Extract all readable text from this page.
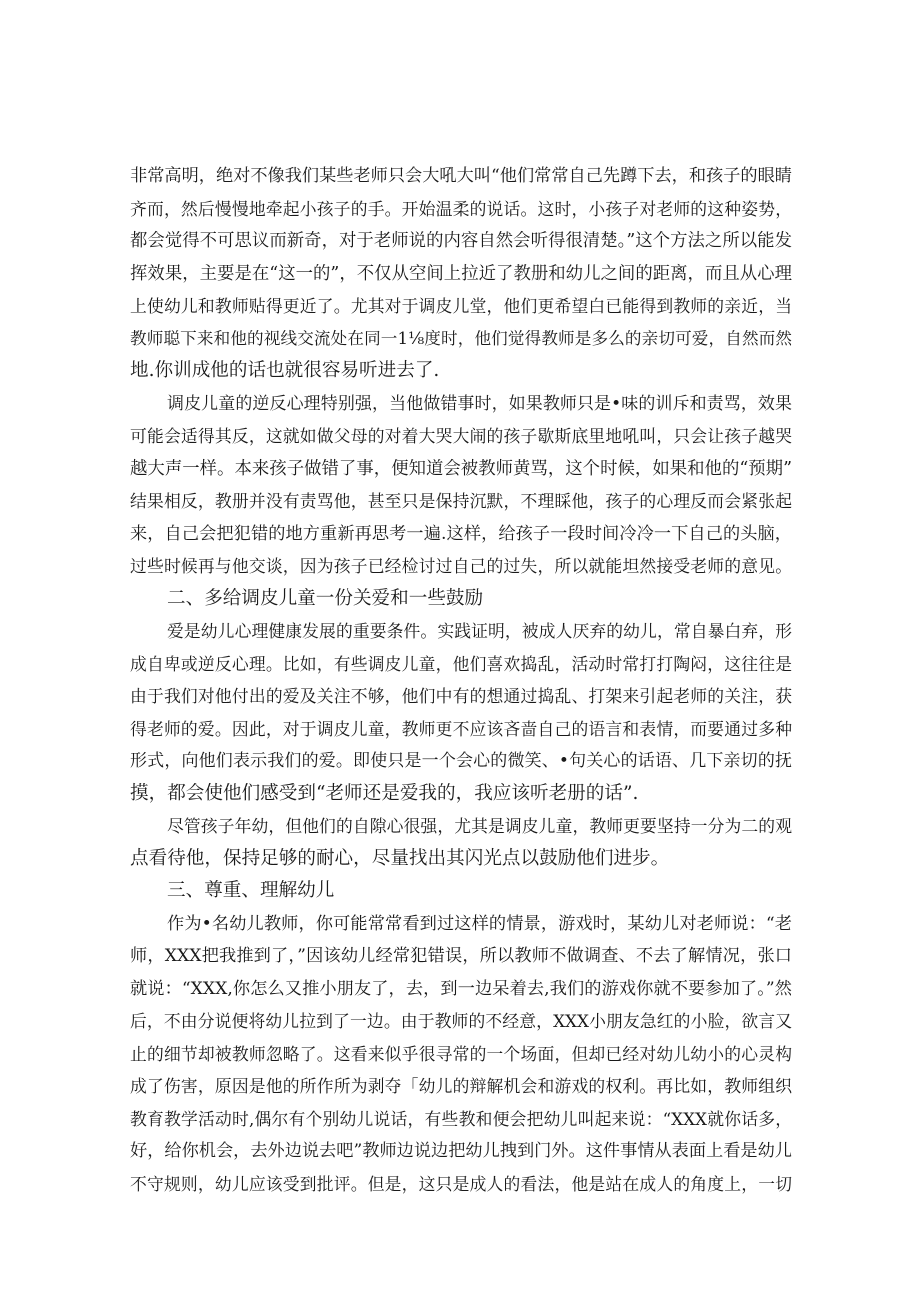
非常高明，绝对不像我们某些老师只会大吼大叫“他们常常自己先蹲下去，和孩子的眼睛
齐而，然后慢慢地牵起小孩子的手。开始温柔的说话。这时，小孩子对老师的这种姿势，
都会觉得不可思议而新奇，对于老师说的内容自然会听得很清楚。”这个方法之所以能发
挥效果，主要是在“这一的”，不仅从空间上拉近了教册和幼儿之间的距离，而且从心理
上使幼儿和教师贴得更近了。尤其对于调皮儿堂，他们更希望白已能得到教师的亲近，当
教师聪下来和他的视线交流处在同一1⅛度时，他们觉得教师是多么的亲切可爱，自然而然
地.你训成他的话也就很容易听进去了.
调皮儿童的逆反心理特别强，当他做错事时，如果教师只是•味的训斥和责骂，效果
可能会适得其反，这就如做父母的对着大哭大闹的孩子歇斯底里地吼叫，只会让孩子越哭
越大声一样。本来孩子做错了事，便知道会被教师黄骂，这个时候，如果和他的“预期”
结果相反，教册并没有责骂他，甚至只是保持沉默，不理睬他，孩子的心理反而会紧张起
来，自己会把犯错的地方重新再思考一遍.这样，给孩子一段时间冷冷一下自己的头脑，
过些时候再与他交谈，因为孩子已经检讨过自己的过失，所以就能坦然接受老师的意见。
二、多给调皮儿童一份关爱和一些鼓励
爱是幼儿心理健康发展的重要条件。实践证明，被成人厌弃的幼儿，常自暴白弃，形
成自卑或逆反心理。比如，有些调皮儿童，他们喜欢捣乱，活动时常打打陶闷，这往往是
由于我们对他付出的爱及关注不够，他们中有的想通过捣乱、打架来引起老师的关注，获
得老师的爱。因此，对于调皮儿童，教师更不应该吝啬自己的语言和表情，而要通过多种
形式，向他们表示我们的爱。即使只是一个会心的微笑、•句关心的话语、几下亲切的抚
摸，都会使他们感受到“老师还是爱我的，我应该听老册的话”.
尽管孩子年幼，但他们的自隙心很强，尤其是调皮儿童，教师更要坚持一分为二的观
点看待他，保持足够的耐心，尽量找出其闪光点以鼓励他们进步。
三、尊重、理解幼儿
作为•名幼儿教师，你可能常常看到过这样的情景，游戏时，某幼儿对老师说：“老
师，XXX把我推到了，”因该幼儿经常犯错误，所以教师不做调查、不去了解情况，张口
就说：“XXX,你怎么又推小朋友了，去，到一边呆着去,我们的游戏你就不要参加了。”然
后，不由分说便将幼儿拉到了一边。由于教师的不经意，XXX小朋友急红的小脸，欲言又
止的细节却被教师忽略了。这看来似乎很寻常的一个场面，但却已经对幼儿幼小的心灵构
成了伤害，原因是他的所作所为剥夺「幼儿的辩解机会和游戏的权利。再比如，教师组织
教育教学活动时,偶尔有个别幼儿说话，有些教和便会把幼儿叫起来说：“XXX就你话多，
好，给你机会，去外边说去吧”教师边说边把幼儿拽到门外。这件事情从表面上看是幼儿
不守规则，幼儿应该受到批评。但是，这只是成人的看法，他是站在成人的角度上，一切
